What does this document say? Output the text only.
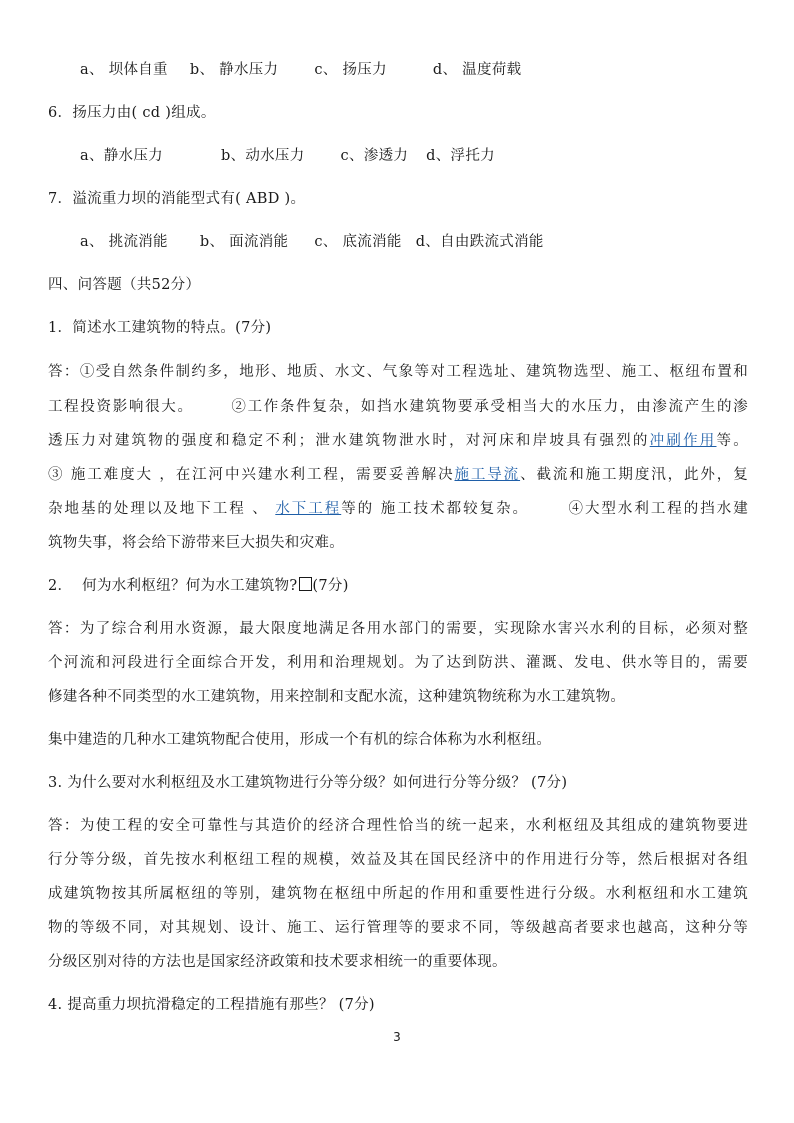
a、 坝体自重 b、 静水压力 c、 扬压力	d、 温度荷载
6．扬压力由( cd )组成。
a、静水压力	b、动水压力 c、渗透力 d、浮托力
7．溢流重力坝的消能型式有( ABD )。
a、 挑流消能 b、 面流消能 c、 底流消能 d、自由跌流式消能
四、问答题（共52分）
1．简述水工建筑物的特点。(7分)
答：①受自然条件制约多，地形、地质、水文、气象等对工程选址、建筑物选型、施工、枢纽布置和
工程投资影响很大。      ②工作条件复杂，如挡水建筑物要承受相当大的水压力，由渗流产生的渗
透压力对建筑物的强度和稳定不利；泄水建筑物泄水时，对河床和岸坡具有强烈的冲刷作用等。
③ 施工难度大 ，在江河中兴建水利工程，需要妥善解决施工导流、截流和施工期度汛，此外，复
杂地基的处理以及地下工程 、 水下工程等的 施工技术都较复杂。      ④大型水利工程的挡水建
筑物失事，将会给下游带来巨大损失和灾难。
2．  何为水利枢纽？何为水工建筑物? (7分)
答：为了综合利用水资源，最大限度地满足各用水部门的需要，实现除水害兴水利的目标，必须对整
个河流和河段进行全面综合开发，利用和治理规划。为了达到防洪、灌溉、发电、供水等目的，需要
修建各种不同类型的水工建筑物，用来控制和支配水流，这种建筑物统称为水工建筑物。
集中建造的几种水工建筑物配合使用，形成一个有机的综合体称为水利枢纽。
3. 为什么要对水利枢纽及水工建筑物进行分等分级？如何进行分等分级？ (7分)
答：为使工程的安全可靠性与其造价的经济合理性恰当的统一起来，水利枢纽及其组成的建筑物要进
行分等分级，首先按水利枢纽工程的规模，效益及其在国民经济中的作用进行分等，然后根据对各组
成建筑物按其所属枢纽的等别，建筑物在枢纽中所起的作用和重要性进行分级。水利枢纽和水工建筑
物的等级不同，对其规划、设计、施工、运行管理等的要求不同，等级越高者要求也越高，这种分等
分级区别对待的方法也是国家经济政策和技术要求相统一的重要体现。
4. 提高重力坝抗滑稳定的工程措施有那些？ (7分)
3
